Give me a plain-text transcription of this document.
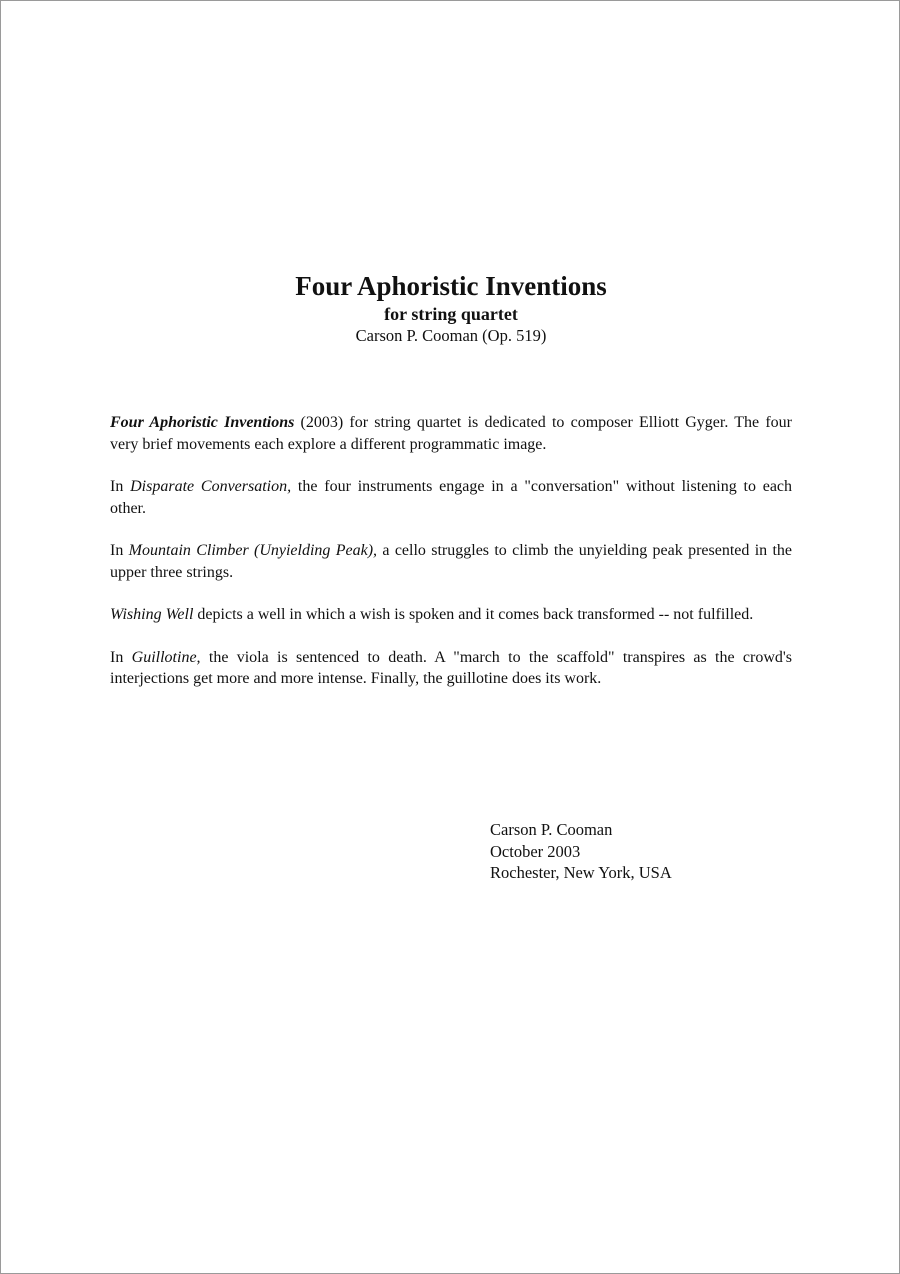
Four Aphoristic Inventions
for string quartet
Carson P. Cooman (Op. 519)

Four Aphoristic Inventions (2003) for string quartet is dedicated to composer Elliott Gyger. The four very brief movements each explore a different programmatic image.

In Disparate Conversation, the four instruments engage in a "conversation" without listening to each other.

In Mountain Climber (Unyielding Peak), a cello struggles to climb the unyielding peak presented in the upper three strings.

Wishing Well depicts a well in which a wish is spoken and it comes back transformed -- not fulfilled.

In Guillotine, the viola is sentenced to death. A "march to the scaffold" transpires as the crowd's interjections get more and more intense. Finally, the guillotine does its work.

Carson P. Cooman
October 2003
Rochester, New York, USA
